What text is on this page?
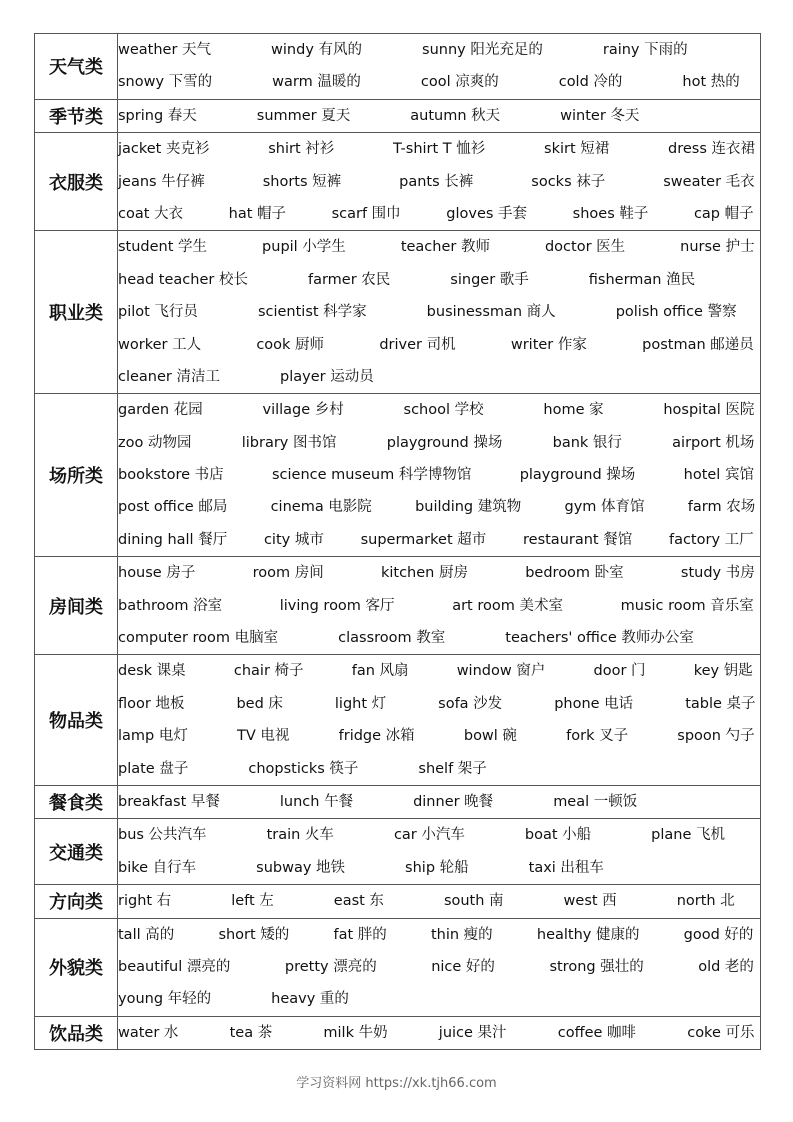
天气类	weather 天气 windy 有风的 sunny 阳光充足的 rainy 下雨的
snowy 下雪的 warm 温暖的 cool 凉爽的 cold 冷的 hot 热的

季节类	spring 春天 summer 夏天 autumn 秋天 winter 冬天

衣服类	jacket 夹克衫 shirt 衬衫 T-shirt T 恤衫 skirt 短裙 dress 连衣裙
jeans 牛仔裤 shorts 短裤 pants 长裤 socks 袜子 sweater 毛衣
coat 大衣 hat 帽子 scarf 围巾 gloves 手套 shoes 鞋子 cap 帽子

职业类	student 学生 pupil 小学生 teacher 教师 doctor 医生 nurse 护士
head teacher 校长 farmer 农民 singer 歌手 fisherman 渔民
pilot 飞行员 scientist 科学家 businessman 商人 polish office 警察
worker 工人 cook 厨师 driver 司机 writer 作家 postman 邮递员
cleaner 清洁工 player 运动员

场所类	garden 花园 village 乡村 school 学校 home 家 hospital 医院
zoo 动物园 library 图书馆 playground 操场 bank 银行 airport 机场
bookstore 书店 science museum 科学博物馆 playground 操场 hotel 宾馆
post office 邮局 cinema 电影院 building 建筑物 gym 体育馆 farm 农场
dining hall 餐厅 city 城市 supermarket 超市 restaurant 餐馆 factory 工厂

房间类	house 房子 room 房间 kitchen 厨房 bedroom 卧室 study 书房
bathroom 浴室 living room 客厅 art room 美术室 music room 音乐室
computer room 电脑室 classroom 教室 teachers' office 教师办公室

物品类	desk 课桌 chair 椅子 fan 风扇 window 窗户 door 门 key 钥匙
floor 地板 bed 床 light 灯 sofa 沙发 phone 电话 table 桌子
lamp 电灯 TV 电视 fridge 冰箱 bowl 碗 fork 叉子 spoon 勺子
plate 盘子 chopsticks 筷子 shelf 架子

餐食类	breakfast 早餐 lunch 午餐 dinner 晚餐 meal 一顿饭

交通类	bus 公共汽车 train 火车 car 小汽车 boat 小船 plane 飞机
bike 自行车 subway 地铁 ship 轮船 taxi 出租车

方向类	right 右 left 左 east 东 south 南 west 西 north 北

外貌类	tall 高的 short 矮的 fat 胖的 thin 瘦的 healthy 健康的 good 好的
beautiful 漂亮的 pretty 漂亮的 nice 好的 strong 强壮的 old 老的
young 年轻的 heavy 重的

饮品类	water 水 tea 茶 milk 牛奶 juice 果汁 coffee 咖啡 coke 可乐
学习资料网 https://xk.tjh66.com
